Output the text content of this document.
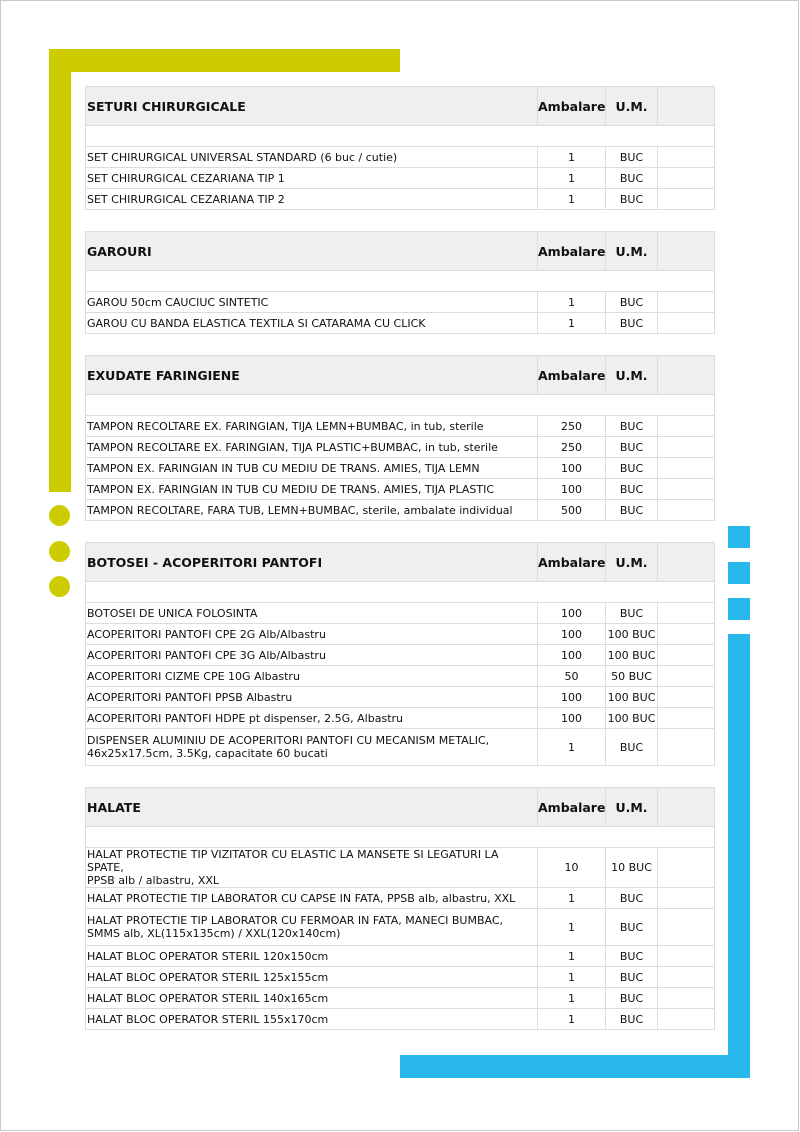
SETURI CHIRURGICALE	Ambalare	U.M.	

SET CHIRURGICAL UNIVERSAL STANDARD (6 buc / cutie)	1	BUC	
SET CHIRURGICAL CEZARIANA TIP 1	1	BUC	
SET CHIRURGICAL CEZARIANA TIP 2	1	BUC	
GAROURI	Ambalare	U.M.	

GAROU 50cm CAUCIUC SINTETIC	1	BUC	
GAROU CU BANDA ELASTICA TEXTILA SI CATARAMA CU CLICK	1	BUC	
EXUDATE FARINGIENE	Ambalare	U.M.	

TAMPON RECOLTARE EX. FARINGIAN, TIJA LEMN+BUMBAC, in tub, sterile	250	BUC	
TAMPON RECOLTARE EX. FARINGIAN, TIJA PLASTIC+BUMBAC, in tub, sterile	250	BUC	
TAMPON EX. FARINGIAN IN TUB CU MEDIU DE TRANS. AMIES, TIJA LEMN	100	BUC	
TAMPON EX. FARINGIAN IN TUB CU MEDIU DE TRANS. AMIES, TIJA PLASTIC	100	BUC	
TAMPON RECOLTARE, FARA TUB, LEMN+BUMBAC, sterile, ambalate individual	500	BUC	
BOTOSEI - ACOPERITORI PANTOFI	Ambalare	U.M.	

BOTOSEI DE UNICA FOLOSINTA	100	BUC	
ACOPERITORI PANTOFI CPE 2G Alb/Albastru	100	100 BUC	
ACOPERITORI PANTOFI CPE 3G Alb/Albastru	100	100 BUC	
ACOPERITORI CIZME CPE 10G Albastru	50	50 BUC	
ACOPERITORI PANTOFI PPSB Albastru	100	100 BUC	
ACOPERITORI PANTOFI HDPE pt dispenser, 2.5G, Albastru	100	100 BUC	
DISPENSER ALUMINIU DE ACOPERITORI PANTOFI CU MECANISM METALIC,
46x25x17.5cm, 3.5Kg, capacitate 60 bucati	1	BUC	
HALATE	Ambalare	U.M.	

HALAT PROTECTIE TIP VIZITATOR CU ELASTIC LA MANSETE SI LEGATURI LA SPATE,
PPSB alb / albastru, XXL	10	10 BUC	
HALAT PROTECTIE TIP LABORATOR CU CAPSE IN FATA, PPSB alb, albastru, XXL	1	BUC	
HALAT PROTECTIE TIP LABORATOR CU FERMOAR IN FATA, MANECI BUMBAC,
SMMS alb, XL(115x135cm) / XXL(120x140cm)	1	BUC	
HALAT BLOC OPERATOR STERIL 120x150cm	1	BUC	
HALAT BLOC OPERATOR STERIL 125x155cm	1	BUC	
HALAT BLOC OPERATOR STERIL 140x165cm	1	BUC	
HALAT BLOC OPERATOR STERIL 155x170cm	1	BUC	
